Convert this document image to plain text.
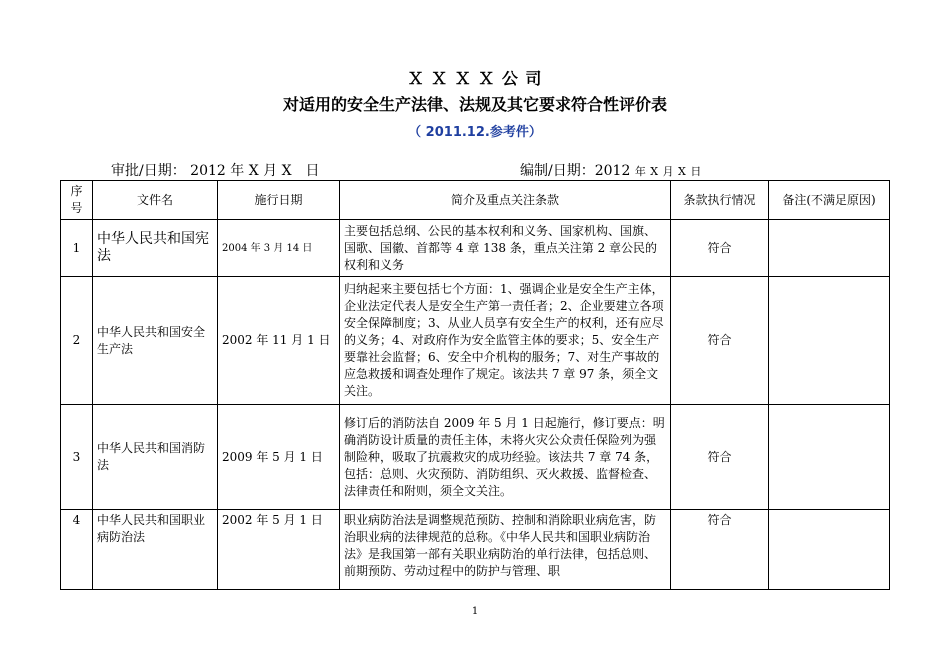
Ｘ Ｘ Ｘ Ｘ 公 司
对适用的安全生产法律、法规及其它要求符合性评价表
（ 2011.12.参考件）
审批/日期： 2012 年 X 月 X　日	编制/日期：2012 年 X 月 X 日
序号	文件名	施行日期	简介及重点关注条款	条款执行情况	备注(不满足原因)
1	中华人民共和国宪法	2004 年 3 月 14 日	主要包括总纲、公民的基本权利和义务、国家机构、国旗、国歌、国徽、首都等 4 章 138 条，重点关注第 2 章公民的权利和义务	符合	
2	中华人民共和国安全生产法	2002 年 11 月 1 日	归纳起来主要包括七个方面：1、强调企业是安全生产主体，企业法定代表人是安全生产第一责任者；2、企业要建立各项安全保障制度；3、从业人员享有安全生产的权利，还有应尽的义务；4、对政府作为安全监管主体的要求；5、安全生产要靠社会监督；6、安全中介机构的服务；7、对生产事故的应急救援和调查处理作了规定。该法共 7 章 97 条，须全文关注。	符合	
3	中华人民共和国消防法	2009 年 5 月 1 日	修订后的消防法自 2009 年 5 月 1 日起施行，修订要点：明确消防设计质量的责任主体，未将火灾公众责任保险列为强制险种，吸取了抗震救灾的成功经验。该法共 7 章 74 条，包括：总则、火灾预防、消防组织、灭火救援、监督检查、法律责任和附则，须全文关注。	符合	
4	中华人民共和国职业病防治法	2002 年 5 月 1 日	职业病防治法是调整规范预防、控制和消除职业病危害，防治职业病的法律规范的总称。《中华人民共和国职业病防治法》是我国第一部有关职业病防治的单行法律，包括总则、前期预防、劳动过程中的防护与管理、职	符合	
1
